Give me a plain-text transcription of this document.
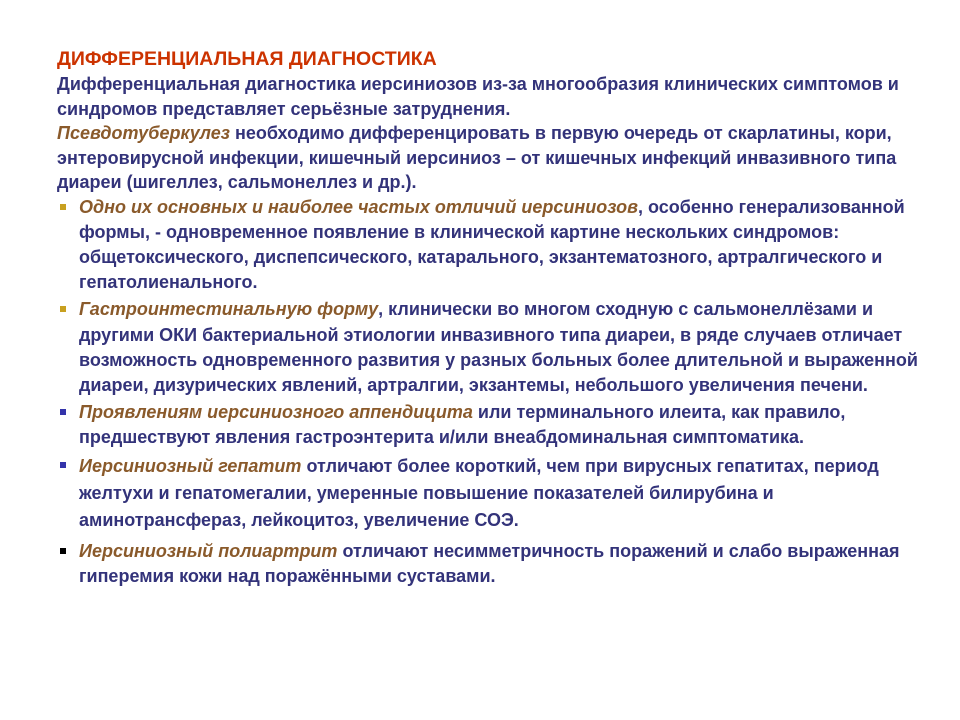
ДИФФЕРЕНЦИАЛЬНАЯ ДИАГНОСТИКА

Дифференциальная диагностика иерсиниозов из-за многообразия клинических симптомов и синдромов представляет серьёзные затруднения.

Псевдотуберкулез необходимо дифференцировать в первую очередь от скарлатины, кори, энтеровирусной инфекции, кишечный иерсиниоз – от кишечных инфекций инвазивного типа диареи (шигеллез, сальмонеллез и др.).

Одно их основных и наиболее частых отличий иерсиниозов, особенно генерализованной формы, - одновременное появление в клинической картине нескольких синдромов: общетоксического, диспепсического, катарального, экзантематозного, артралгического и гепатолиенального.
Гастроинтестинальную форму, клинически во многом сходную с сальмонеллёзами и другими ОКИ бактериальной этиологии инвазивного типа диареи, в ряде случаев отличает возможность одновременного развития у разных больных более длительной и выраженной диареи, дизурических явлений, артралгии, экзантемы, небольшого увеличения печени.
Проявлениям иерсиниозного аппендицита или терминального илеита, как правило, предшествуют явления гастроэнтерита и/или внеабдоминальная симптоматика.
Иерсиниозный гепатит отличают более короткий, чем при вирусных гепатитах, период желтухи и гепатомегалии, умеренные повышение показателей билирубина и аминотрансфераз, лейкоцитоз, увеличение СОЭ.
Иерсиниозный полиартрит отличают несимметричность поражений и слабо выраженная гиперемия кожи над поражёнными суставами.
